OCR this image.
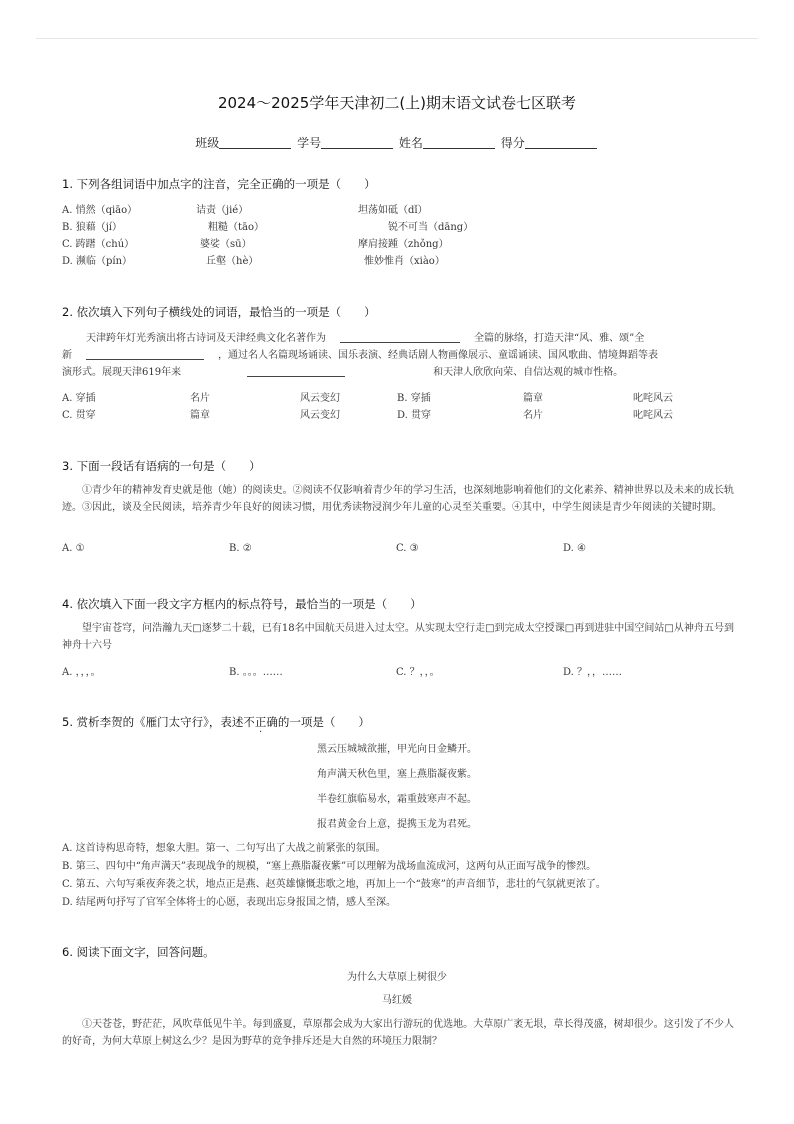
2024～2025学年天津初二(上)期末语文试卷七区联考
班级	学号	姓名	得分
1. 下列各组词语中加点字的注音，完全正确的一项是（　　）
A. 悄然（qiāo）	诘责（jié）	坦荡如砥（dǐ）
B. 狼藉（jí）	粗糙（tāo）	锐不可当（dāng）
C. 踌躇（chú）	婆娑（sū）	摩肩接踵（zhǒng）
D. 濒临（pín）	丘壑（hè）	惟妙惟肖（xiào）
2. 依次填入下列句子横线处的词语，最恰当的一项是（　　）
天津跨年灯光秀演出将古诗词及天津经典文化名著作为	全篇的脉络，打造天津“风、雅、颂”全
新	，通过名人名篇现场诵读、国乐表演、经典话剧人物画像展示、童谣诵读、国风歌曲、情境舞蹈等表
演形式。展现天津619年来	和天津人欣欣向荣、自信达观的城市性格。
A. 穿插	名片	风云变幻	B. 穿插	篇章	叱咤风云
C. 贯穿	篇章	风云变幻	D. 贯穿	名片	叱咤风云
3. 下面一段话有语病的一句是（　　）
①青少年的精神发育史就是他（她）的阅读史。②阅读不仅影响着青少年的学习生活，也深刻地影响着他们的文化素养、精神世界以及未来的成长轨迹。③因此，谈及全民阅读，培养青少年良好的阅读习惯，用优秀读物浸润少年儿童的心灵至关重要。④其中，中学生阅读是青少年阅读的关键时期。
A. ①	B. ②	C. ③	D. ④
4. 依次填入下面一段文字方框内的标点符号，最恰当的一项是（　　）
望宇宙苍穹，问浩瀚九天□逐梦二十载，已有18名中国航天员进入过太空。从实现太空行走□到完成太空授课□再到进驻中国空间站□从神舟五号到神舟十六号
A. ，，，。	B. 。。。……	C. ？，，。	D. ？，，……
5. 赏析李贺的《雁门太守行》，表述不正确的一项是（　　）
黑云压城城欲摧，甲光向日金鳞开。
角声满天秋色里，塞上燕脂凝夜紫。
半卷红旗临易水，霜重鼓寒声不起。
报君黄金台上意，提携玉龙为君死。
A. 这首诗构思奇特，想象大胆。第一、二句写出了大战之前紧张的氛围。
B. 第三、四句中“角声满天”表现战争的规模，“塞上燕脂凝夜紫”可以理解为战场血流成河，这两句从正面写战争的惨烈。
C. 第五、六句写乘夜奔袭之状，地点正是燕、赵英雄慷慨悲歌之地，再加上一个“鼓寒”的声音细节，悲壮的气氛就更浓了。
D. 结尾两句抒写了官军全体将士的心愿，表现出忘身报国之情，感人至深。
6. 阅读下面文字，回答问题。
为什么大草原上树很少
马红媛
①天苍苍，野茫茫，风吹草低见牛羊。每到盛夏，草原都会成为大家出行游玩的优选地。大草原广袤无垠，草长得茂盛，树却很少。这引发了不少人的好奇，为何大草原上树这么少？是因为野草的竞争排斥还是大自然的环境压力限制？
